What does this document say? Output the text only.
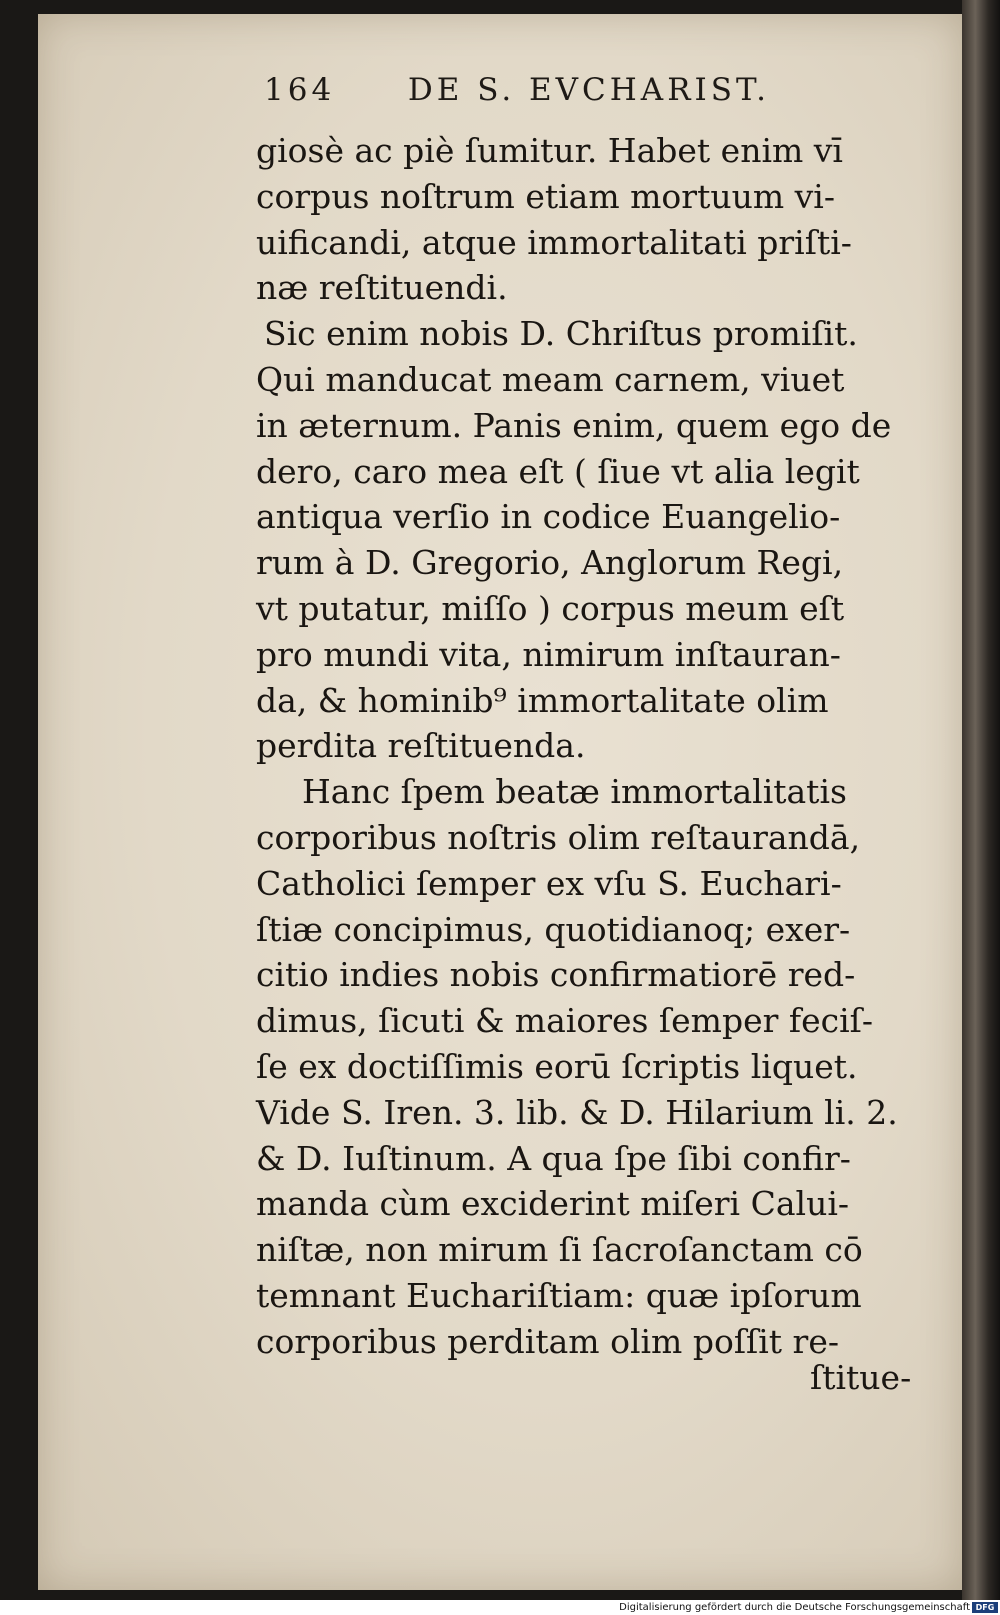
164 DE S. EVCHARIST.
giosè ac piè ſumitur. Habet enim vī
corpus noſtrum etiam mortuum vi-
uificandi, atque immortalitati priſti-
næ reſtituendi.
Sic enim nobis D. Chriſtus promiſit.
Qui manducat meam carnem, viuet
in æternum. Panis enim, quem ego de
dero, caro mea eſt ( ſiue vt alia legit
antiqua verſio in codice Euangelio-
rum à D. Gregorio, Anglorum Regi,
vt putatur, miſſo ) corpus meum eſt
pro mundi vita, nimirum inſtauran-
da, & hominib⁹ immortalitate olim
perdita reſtituenda.
Hanc ſpem beatæ immortalitatis
corporibus noſtris olim reſtaurandā,
Catholici ſemper ex vſu S. Euchari-
ſtiæ concipimus, quotidianoq; exer-
citio indies nobis confirmatiorē red-
dimus, ſicuti & maiores ſemper feciſ-
ſe ex doctiſſimis eorū ſcriptis liquet.
Vide S. Iren. 3. lib. & D. Hilarium li. 2.
& D. Iuſtinum. A qua ſpe ſibi confir-
manda cùm exciderint miſeri Calui-
niſtæ, non mirum ſi ſacroſanctam cō
temnant Euchariſtiam: quæ ipſorum
corporibus perditam olim poſſit re-
ſtitue-
Digitalisierung gefördert durch die Deutsche Forschungsgemeinschaft DFG
